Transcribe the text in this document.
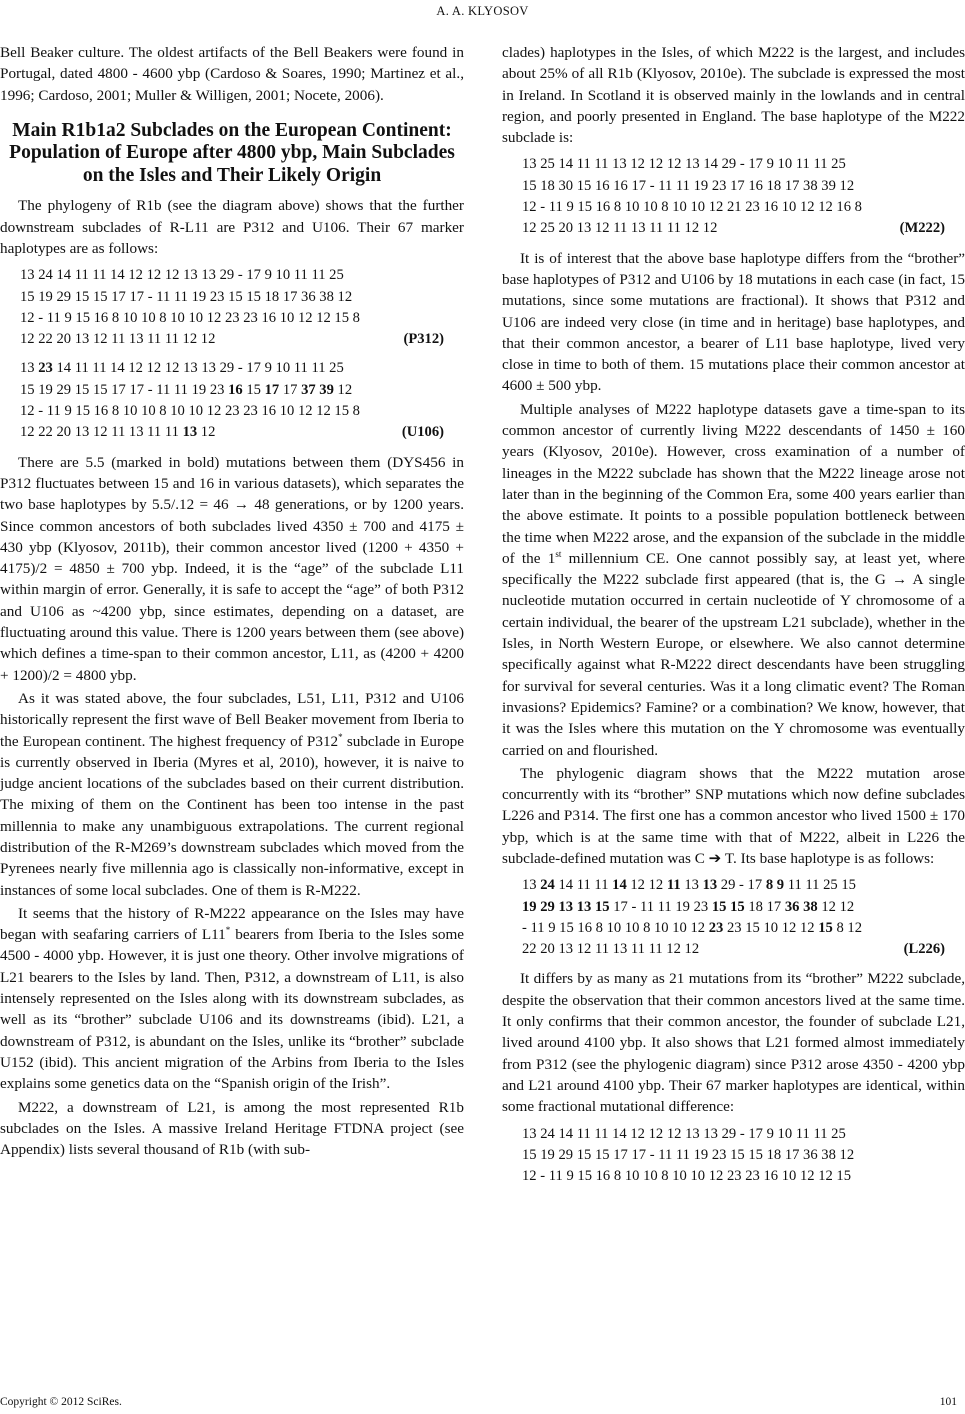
A. A. KLYOSOV

Bell Beaker culture. The oldest artifacts of the Bell Beakers were found in Portugal, dated 4800 - 4600 ybp (Cardoso & Soares, 1990; Martinez et al., 1996; Cardoso, 2001; Muller & Willigen, 2001; Nocete, 2006).

Main R1b1a2 Subclades on the European Continent: Population of Europe after 4800 ybp, Main Subclades on the Isles and Their Likely Origin

The phylogeny of R1b (see the diagram above) shows that the further downstream subclades of R-L11 are P312 and U106. Their 67 marker haplotypes are as follows:

13 24 14 11 11 14 12 12 12 13 13 29 - 17 9 10 11 11 25
15 19 29 15 15 17 17 - 11 11 19 23 15 15 18 17 36 38 12
12 - 11 9 15 16 8 10 10 8 10 10 12 23 23 16 10 12 12 15 8
12 22 20 13 12 11 13 11 11 12 12	(P312)
13 23 14 11 11 14 12 12 12 13 13 29 - 17 9 10 11 11 25
15 19 29 15 15 17 17 - 11 11 19 23 16 15 17 17 37 39 12
12 - 11 9 15 16 8 10 10 8 10 10 12 23 23 16 10 12 12 15 8
12 22 20 13 12 11 13 11 11 13 12	(U106)

There are 5.5 (marked in bold) mutations between them (DYS456 in P312 fluctuates between 15 and 16 in various datasets), which separates the two base haplotypes by 5.5/.12 = 46 → 48 generations, or by 1200 years. Since common ancestors of both subclades lived 4350 ± 700 and 4175 ± 430 ybp (Klyosov, 2011b), their common ancestor lived (1200 + 4350 + 4175)/2 = 4850 ± 700 ybp. Indeed, it is the “age” of the subclade L11 within margin of error. Generally, it is safe to accept the “age” of both P312 and U106 as ~4200 ybp, since estimates, depending on a dataset, are fluctuating around this value. There is 1200 years between them (see above) which defines a time-span to their common ancestor, L11, as (4200 + 4200 + 1200)/2 = 4800 ybp.

As it was stated above, the four subclades, L51, L11, P312 and U106 historically represent the first wave of Bell Beaker movement from Iberia to the European continent. The highest frequency of P312* subclade in Europe is currently observed in Iberia (Myres et al, 2010), however, it is naive to judge ancient locations of the subclades based on their current distribution. The mixing of them on the Continent has been too intense in the past millennia to make any unambiguous extrapolations. The current regional distribution of the R-M269’s downstream subclades which moved from the Pyrenees nearly five millennia ago is classically non-informative, except in instances of some local subclades. One of them is R-M222.

It seems that the history of R-M222 appearance on the Isles may have began with seafaring carriers of L11* bearers from Iberia to the Isles some 4500 - 4000 ybp. However, it is just one theory. Other involve migrations of L21 bearers to the Isles by land. Then, P312, a downstream of L11, is also intensely represented on the Isles along with its downstream subclades, as well as its “brother” subclade U106 and its downstreams (ibid). L21, a downstream of P312, is abundant on the Isles, unlike its “brother” subclade U152 (ibid). This ancient migration of the Arbins from Iberia to the Isles explains some genetics data on the “Spanish origin of the Irish”.

M222, a downstream of L21, is among the most represented R1b subclades on the Isles. A massive Ireland Heritage FTDNA project (see Appendix) lists several thousand of R1b (with sub-

clades) haplotypes in the Isles, of which M222 is the largest, and includes about 25% of all R1b (Klyosov, 2010e). The subclade is expressed the most in Ireland. In Scotland it is observed mainly in the lowlands and in central region, and poorly presented in England. The base haplotype of the M222 subclade is:

13 25 14 11 11 13 12 12 12 13 14 29 - 17 9 10 11 11 25
15 18 30 15 16 16 17 - 11 11 19 23 17 16 18 17 38 39 12
12 - 11 9 15 16 8 10 10 8 10 10 12 21 23 16 10 12 12 16 8
12 25 20 13 12 11 13 11 11 12 12	(M222)

It is of interest that the above base haplotype differs from the “brother” base haplotypes of P312 and U106 by 18 mutations in each case (in fact, 15 mutations, since some mutations are fractional). It shows that P312 and U106 are indeed very close (in time and in heritage) base haplotypes, and that their common ancestor, a bearer of L11 base haplotype, lived very close in time to both of them. 15 mutations place their common ancestor at 4600 ± 500 ybp.

Multiple analyses of M222 haplotype datasets gave a time-span to its common ancestor of currently living M222 descendants of 1450 ± 160 years (Klyosov, 2010e). However, cross examination of a number of lineages in the M222 subclade has shown that the M222 lineage arose not later than in the beginning of the Common Era, some 400 years earlier than the above estimate. It points to a possible population bottleneck between the time when M222 arose, and the expansion of the subclade in the middle of the 1st millennium CE. One cannot possibly say, at least yet, where specifically the M222 subclade first appeared (that is, the G → A single nucleotide mutation occurred in certain nucleotide of Y chromosome of a certain individual, the bearer of the upstream L21 subclade), whether in the Isles, in North Western Europe, or elsewhere. We also cannot determine specifically against what R-M222 direct descendants have been struggling for survival for several centuries. Was it a long climatic event? The Roman invasions? Epidemics? Famine? or a combination? We know, however, that it was the Isles where this mutation on the Y chromosome was eventually carried on and flourished.

The phylogenic diagram shows that the M222 mutation arose concurrently with its “brother” SNP mutations which now define subclades L226 and P314. The first one has a common ancestor who lived 1500 ± 170 ybp, which is at the same time with that of M222, albeit in L226 the subclade-defined mutation was C ➔ T. Its base haplotype is as follows:

13 24 14 11 11 14 12 12 11 13 13 29 - 17 8 9 11 11 25 15
19 29 13 13 15 17 - 11 11 19 23 15 15 18 17 36 38 12 12
- 11 9 15 16 8 10 10 8 10 10 12 23 23 15 10 12 12 15 8 12
22 20 13 12 11 13 11 11 12 12	(L226)

It differs by as many as 21 mutations from its “brother” M222 subclade, despite the observation that their common ancestors lived at the same time. It only confirms that their common ancestor, the founder of subclade L21, lived around 4100 ybp. It also shows that L21 formed almost immediately from P312 (see the phylogenic diagram) since P312 arose 4350 - 4200 ybp and L21 around 4100 ybp. Their 67 marker haplotypes are identical, within some fractional mutational difference:

13 24 14 11 11 14 12 12 12 13 13 29 - 17 9 10 11 11 25
15 19 29 15 15 17 17 - 11 11 19 23 15 15 18 17 36 38 12
12 - 11 9 15 16 8 10 10 8 10 10 12 23 23 16 10 12 12 15
Copyright © 2012 SciRes.	101
